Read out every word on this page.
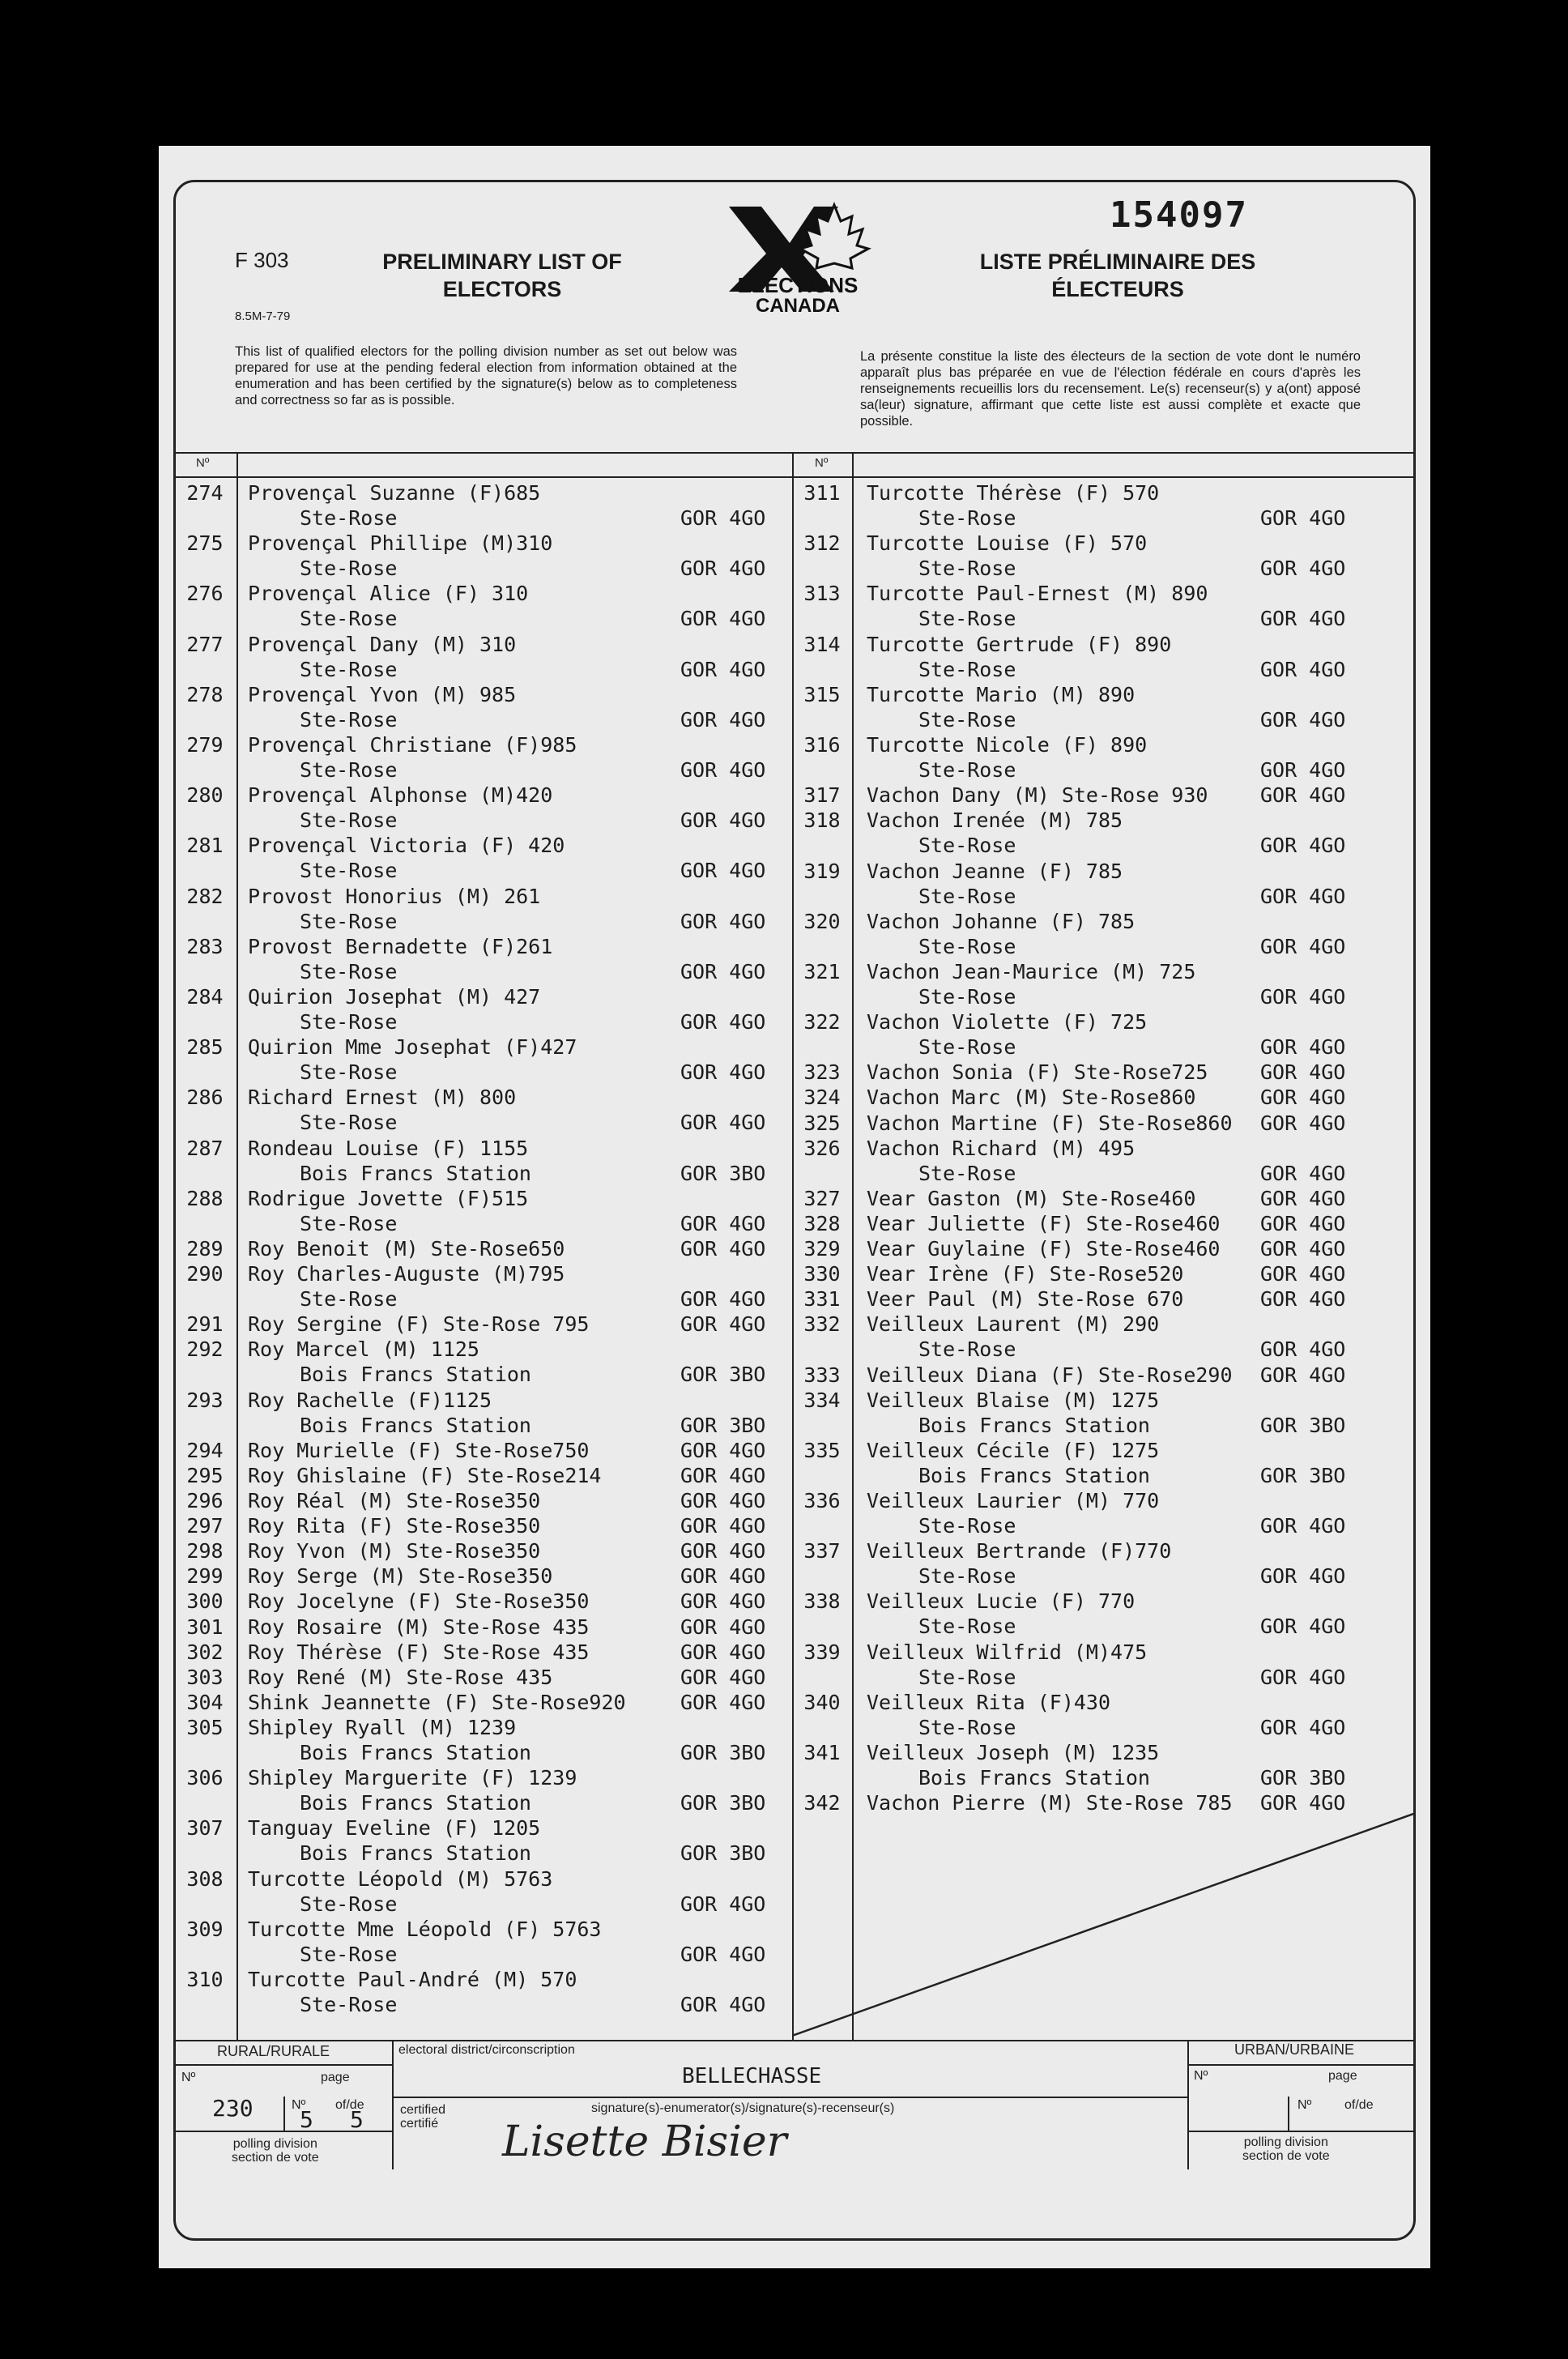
F 303
8.5M-7-79
PRELIMINARY LIST OF
ELECTORS
LISTE PRÉLIMINAIRE DES
ÉLECTEURS
154097
ELECTIONS
CANADA
This list of qualified electors for the polling division number as set out below was prepared for use at the pending federal election from information obtained at the enumeration and has been certified by the signature(s) below as to completeness and correctness so far as is possible.
La présente constitue la liste des électeurs de la section de vote dont le numéro apparaît plus bas préparée en vue de l'élection fédérale en cours d'après les renseignements recueillis lors du recensement. Le(s) recenseur(s) y a(ont) apposé sa(leur) signature, affirmant que cette liste est aussi complète et exacte que possible.
Nº	Nº
274	Provençal Suzanne (F)685
Ste-Rose	GOR 4GO
275	Provençal Phillipe (M)310
Ste-Rose	GOR 4GO
276	Provençal Alice (F) 310
Ste-Rose	GOR 4GO
277	Provençal Dany (M) 310
Ste-Rose	GOR 4GO
278	Provençal Yvon (M) 985
Ste-Rose	GOR 4GO
279	Provençal Christiane (F)985
Ste-Rose	GOR 4GO
280	Provençal Alphonse (M)420
Ste-Rose	GOR 4GO
281	Provençal Victoria (F) 420
Ste-Rose	GOR 4GO
282	Provost Honorius (M) 261
Ste-Rose	GOR 4GO
283	Provost Bernadette (F)261
Ste-Rose	GOR 4GO
284	Quirion Josephat (M) 427
Ste-Rose	GOR 4GO
285	Quirion Mme Josephat (F)427
Ste-Rose	GOR 4GO
286	Richard Ernest (M) 800
Ste-Rose	GOR 4GO
287	Rondeau Louise (F) 1155
Bois Francs Station	GOR 3BO
288	Rodrigue Jovette (F)515
Ste-Rose	GOR 4GO
289	Roy Benoit (M) Ste-Rose650	GOR 4GO
290	Roy Charles-Auguste (M)795
Ste-Rose	GOR 4GO
291	Roy Sergine (F) Ste-Rose 795	GOR 4GO
292	Roy Marcel (M) 1125
Bois Francs Station	GOR 3BO
293	Roy Rachelle (F)1125
Bois Francs Station	GOR 3BO
294	Roy Murielle (F) Ste-Rose750	GOR 4GO
295	Roy Ghislaine (F) Ste-Rose214	GOR 4GO
296	Roy Réal (M) Ste-Rose350	GOR 4GO
297	Roy Rita (F) Ste-Rose350	GOR 4GO
298	Roy Yvon (M) Ste-Rose350	GOR 4GO
299	Roy Serge (M) Ste-Rose350	GOR 4GO
300	Roy Jocelyne (F) Ste-Rose350	GOR 4GO
301	Roy Rosaire (M) Ste-Rose 435	GOR 4GO
302	Roy Thérèse (F) Ste-Rose 435	GOR 4GO
303	Roy René (M) Ste-Rose 435	GOR 4GO
304	Shink Jeannette (F) Ste-Rose920	GOR 4GO
305	Shipley Ryall (M) 1239
Bois Francs Station	GOR 3BO
306	Shipley Marguerite (F) 1239
Bois Francs Station	GOR 3BO
307	Tanguay Eveline (F) 1205
Bois Francs Station	GOR 3BO
308	Turcotte Léopold (M) 5763
Ste-Rose	GOR 4GO
309	Turcotte Mme Léopold (F) 5763
Ste-Rose	GOR 4GO
310	Turcotte Paul-André (M) 570
Ste-Rose	GOR 4GO
311	Turcotte Thérèse (F) 570
Ste-Rose	GOR 4GO
312	Turcotte Louise (F) 570
Ste-Rose	GOR 4GO
313	Turcotte Paul-Ernest (M) 890
Ste-Rose	GOR 4GO
314	Turcotte Gertrude (F) 890
Ste-Rose	GOR 4GO
315	Turcotte Mario (M) 890
Ste-Rose	GOR 4GO
316	Turcotte Nicole (F) 890
Ste-Rose	GOR 4GO
317	Vachon Dany (M) Ste-Rose 930	GOR 4GO
318	Vachon Irenée (M) 785
Ste-Rose	GOR 4GO
319	Vachon Jeanne (F) 785
Ste-Rose	GOR 4GO
320	Vachon Johanne (F) 785
Ste-Rose	GOR 4GO
321	Vachon Jean-Maurice (M) 725
Ste-Rose	GOR 4GO
322	Vachon Violette (F) 725
Ste-Rose	GOR 4GO
323	Vachon Sonia (F) Ste-Rose725	GOR 4GO
324	Vachon Marc (M) Ste-Rose860	GOR 4GO
325	Vachon Martine (F) Ste-Rose860 GOR 4GO
326	Vachon Richard (M) 495
Ste-Rose	GOR 4GO
327	Vear Gaston (M) Ste-Rose460	GOR 4GO
328	Vear Juliette (F) Ste-Rose460 GOR 4GO
329	Vear Guylaine (F) Ste-Rose460 GOR 4GO
330	Vear Irène (F) Ste-Rose520	GOR 4GO
331	Veer Paul (M) Ste-Rose 670	GOR 4GO
332	Veilleux Laurent (M) 290
Ste-Rose	GOR 4GO
333	Veilleux Diana (F) Ste-Rose290 GOR 4GO
334	Veilleux Blaise (M) 1275
Bois Francs Station	GOR 3BO
335	Veilleux Cécile (F) 1275
Bois Francs Station	GOR 3BO
336	Veilleux Laurier (M) 770
Ste-Rose	GOR 4GO
337	Veilleux Bertrande (F)770
Ste-Rose	GOR 4GO
338	Veilleux Lucie (F) 770
Ste-Rose	GOR 4GO
339	Veilleux Wilfrid (M)475
Ste-Rose	GOR 4GO
340	Veilleux Rita (F)430
Ste-Rose	GOR 4GO
341	Veilleux Joseph (M) 1235
Bois Francs Station	GOR 3BO
342	Vachon Pierre (M) Ste-Rose 785 GOR 4GO
RURAL/RURALE	URBAN/URBAINE
electoral district/circonscription
BELLECHASSE
Nº	page
230	Nº
5
of/de
5
polling division
section de vote
certified
certifié
signature(s)-enumerator(s)/signature(s)-recenseur(s)
Lisette Bisier
Nº	page
Nº	of/de
polling division
section de vote
